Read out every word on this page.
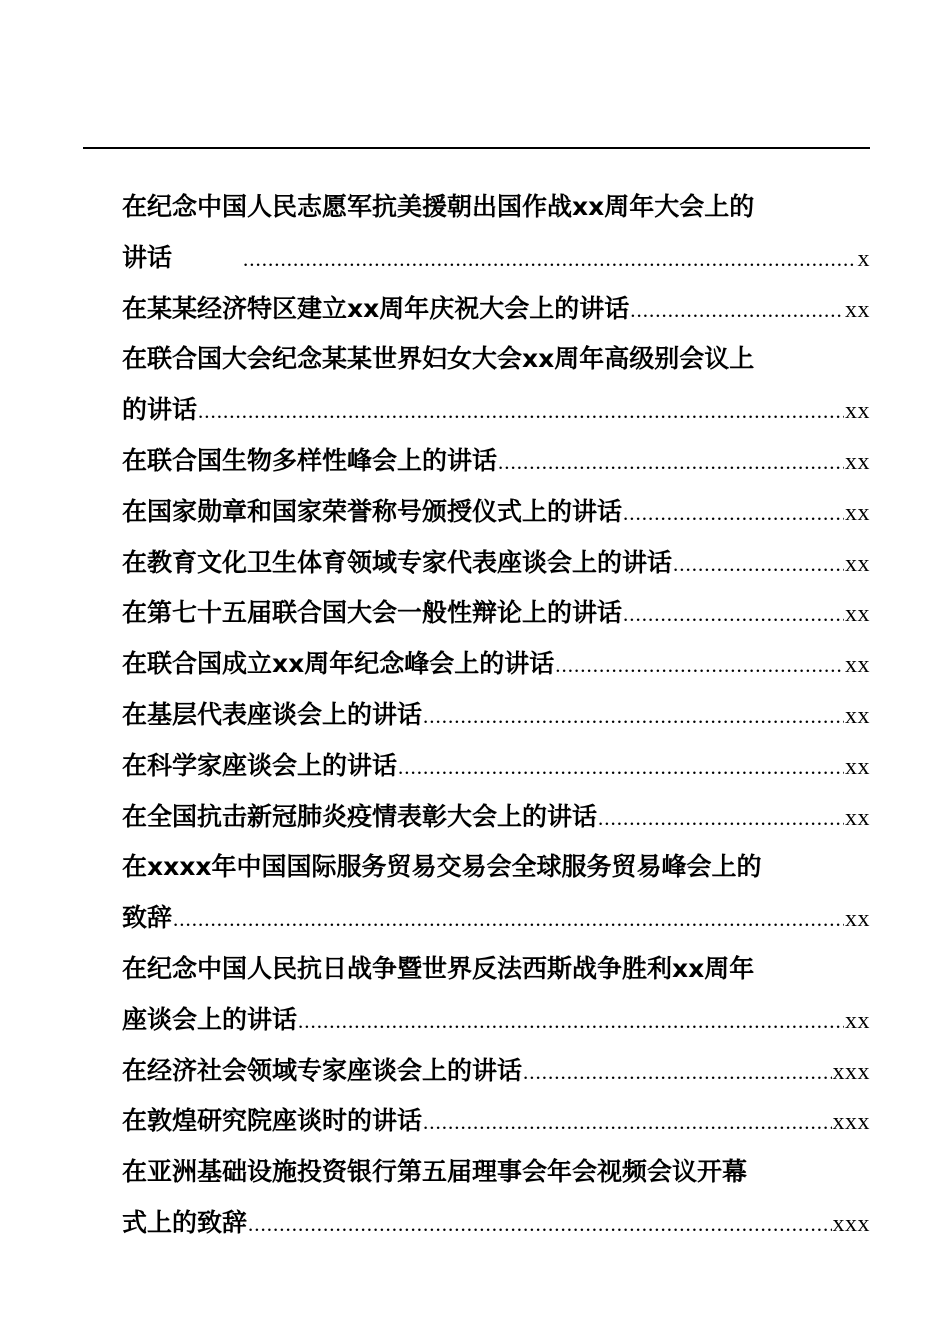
在纪念中国人民志愿军抗美援朝出国作战xx周年大会上的
讲话 .....	x
在某某经济特区建立xx周年庆祝大会上的讲话 .....	xx
在联合国大会纪念某某世界妇女大会xx周年高级别会议上
的讲话 .....	xx
在联合国生物多样性峰会上的讲话 .....	xx
在国家勋章和国家荣誉称号颁授仪式上的讲话 .....	xx
在教育文化卫生体育领域专家代表座谈会上的讲话 .....	xx
在第七十五届联合国大会一般性辩论上的讲话 .....	xx
在联合国成立xx周年纪念峰会上的讲话 .....	xx
在基层代表座谈会上的讲话 .....	xx
在科学家座谈会上的讲话 .....	xx
在全国抗击新冠肺炎疫情表彰大会上的讲话 .....	xx
在xxxx年中国国际服务贸易交易会全球服务贸易峰会上的
致辞 .....	xx
在纪念中国人民抗日战争暨世界反法西斯战争胜利xx周年
座谈会上的讲话 .....	xx
在经济社会领域专家座谈会上的讲话 .....	xxx
在敦煌研究院座谈时的讲话 .....	xxx
在亚洲基础设施投资银行第五届理事会年会视频会议开幕
式上的致辞 .....	xxx
